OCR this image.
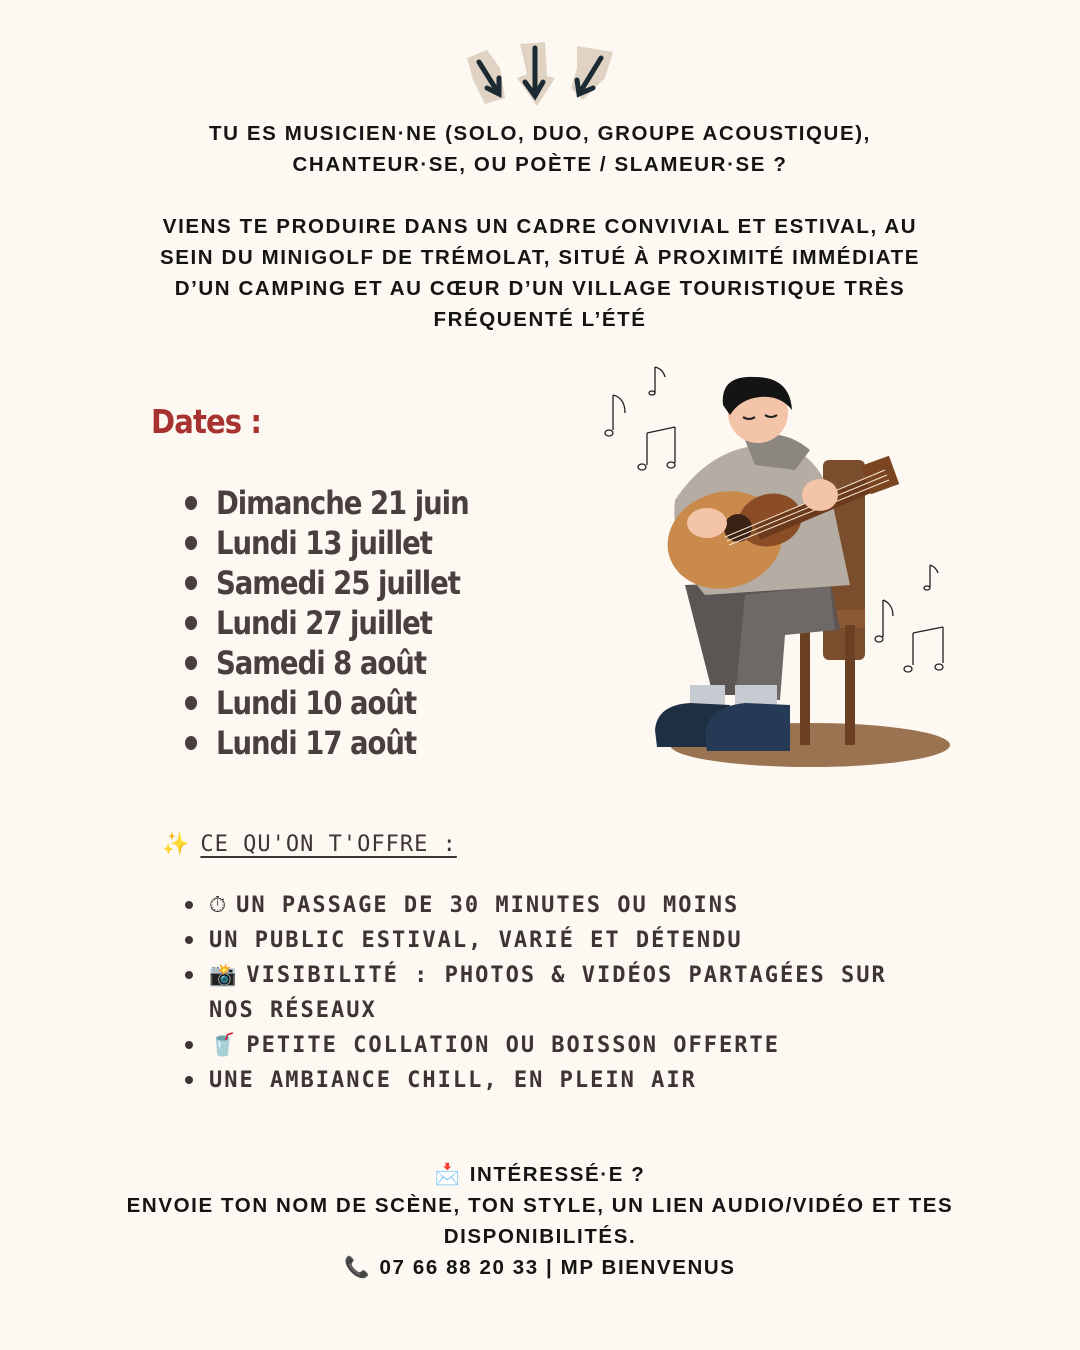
TU ES MUSICIEN·NE (SOLO, DUO, GROUPE ACOUSTIQUE),
CHANTEUR·SE, OU POÈTE / SLAMEUR·SE ?
VIENS TE PRODUIRE DANS UN CADRE CONVIVIAL ET ESTIVAL, AU
SEIN DU MINIGOLF DE TRÉMOLAT, SITUÉ À PROXIMITÉ IMMÉDIATE
D’UN CAMPING ET AU CŒUR D’UN VILLAGE TOURISTIQUE TRÈS
FRÉQUENTÉ L’ÉTÉ
Dates :
Dimanche 21 juin
Lundi 13 juillet
Samedi 25 juillet
Lundi 27 juillet
Samedi 8 août
Lundi 10 août
Lundi 17 août
✨ CE QU'ON T'OFFRE :
⏱ UN PASSAGE DE 30 MINUTES OU MOINS
UN PUBLIC ESTIVAL, VARIÉ ET DÉTENDU
📸 VISIBILITÉ : PHOTOS & VIDÉOS PARTAGÉES SUR NOS RÉSEAUX
🥤 PETITE COLLATION OU BOISSON OFFERTE
UNE AMBIANCE CHILL, EN PLEIN AIR
📩 INTÉRESSÉ·E ?
ENVOIE TON NOM DE SCÈNE, TON STYLE, UN LIEN AUDIO/VIDÉO ET TES
DISPONIBILITÉS.
📞 07 66 88 20 33 | MP BIENVENUS
